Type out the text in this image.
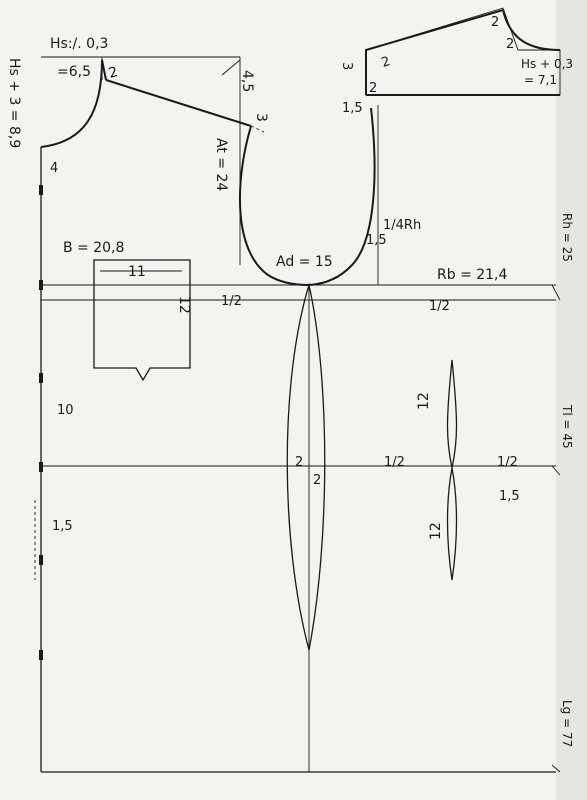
Hs:/. 0,3
Hs + 3 = 8,9	=6,5 2	4,5
3
At = 24
4
B = 20,8
11
12 1/2
Ad = 15
1,5
1/4Rh
Rb = 21,4
1/2
10
1,5
2
2
1/2	1/2
12
1,5
12
1,5
3 2
2
2
2
Hs + 0,3
= 7,1
Rh = 25
Tl = 45
Lg = 77
